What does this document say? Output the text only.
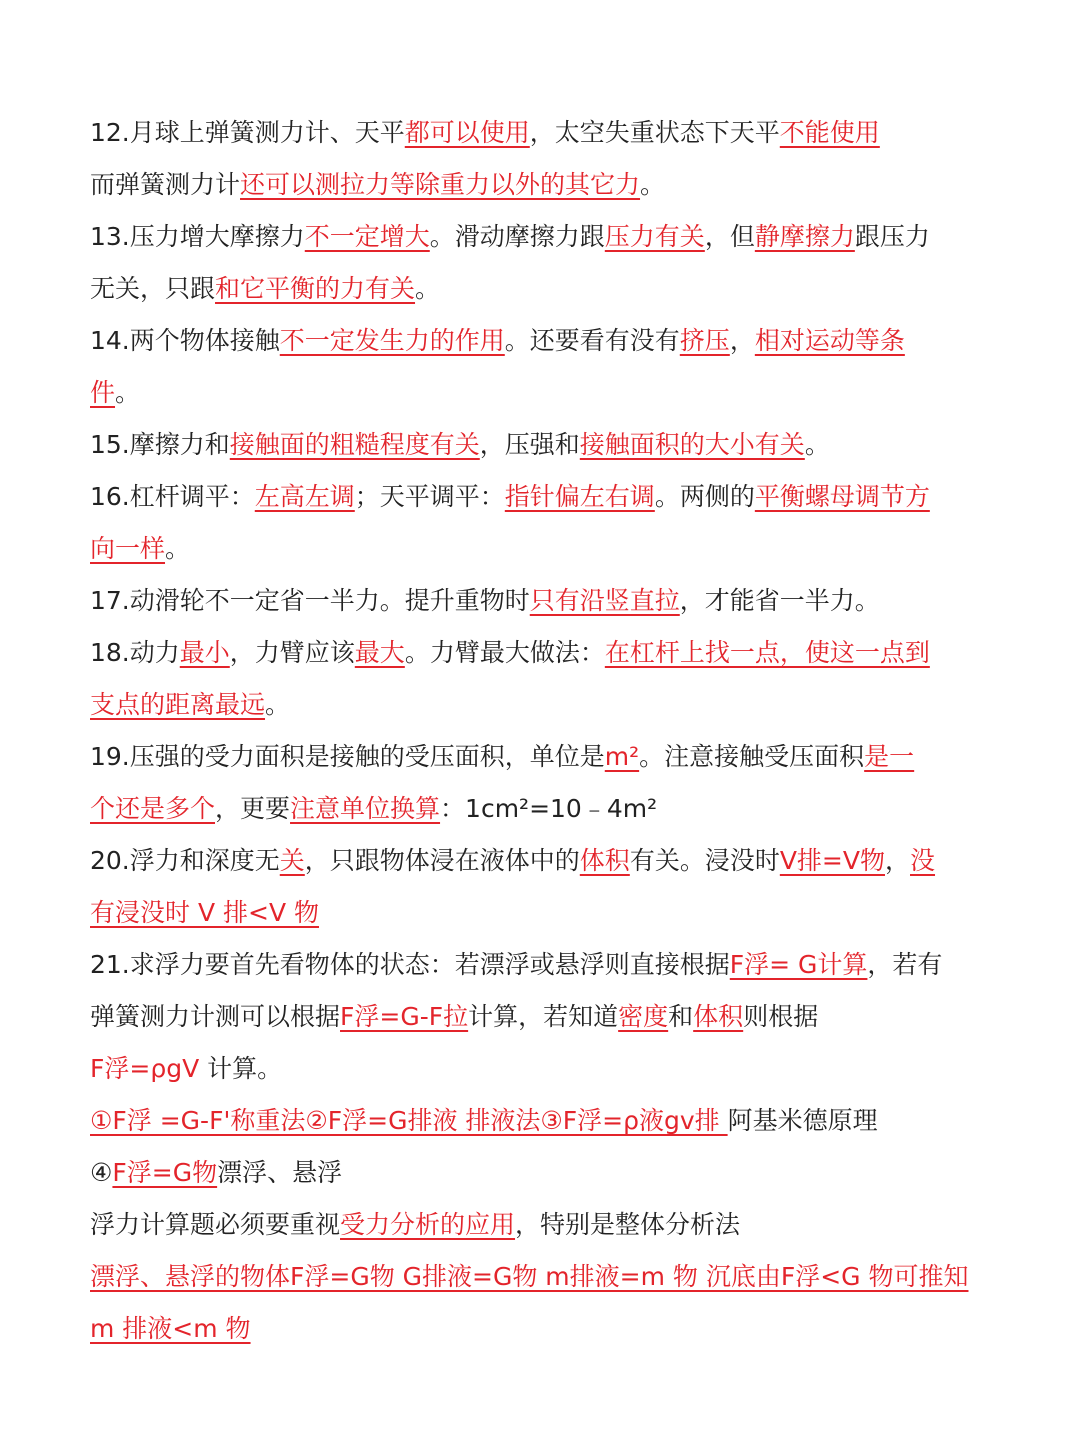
12.月球上弹簧测力计、天平都可以使用，太空失重状态下天平不能使用
而弹簧测力计还可以测拉力等除重力以外的其它力。
13.压力增大摩擦力不一定增大。滑动摩擦力跟压力有关，但静摩擦力跟压力
无关，只跟和它平衡的力有关。
14.两个物体接触不一定发生力的作用。还要看有没有挤压，相对运动等条
件。
15.摩擦力和接触面的粗糙程度有关，压强和接触面积的大小有关。
16.杠杆调平：左高左调；天平调平：指针偏左右调。两侧的平衡螺母调节方
向一样。
17.动滑轮不一定省一半力。提升重物时只有沿竖直拉，才能省一半力。
18.动力最小，力臂应该最大。力臂最大做法：在杠杆上找一点，使这一点到
支点的距离最远。
19.压强的受力面积是接触的受压面积，单位是m²。注意接触受压面积是一
个还是多个，更要注意单位换算：1cm²=10﹣4m²
20.浮力和深度无关，只跟物体浸在液体中的体积有关。浸没时V排=V物，没
有浸没时 V 排<V 物
21.求浮力要首先看物体的状态：若漂浮或悬浮则直接根据F浮= G计算，若有
弹簧测力计测可以根据F浮=G-F拉计算，若知道密度和体积则根据
F浮=ρgV 计算。
①F浮 =G-F'称重法②F浮=G排液 排液法③F浮=ρ液gv排 阿基米德原理
④F浮=G物漂浮、悬浮
浮力计算题必须要重视受力分析的应用，特别是整体分析法
漂浮、悬浮的物体F浮=G物 G排液=G物 m排液=m 物 沉底由F浮<G 物可推知
m 排液<m 物
